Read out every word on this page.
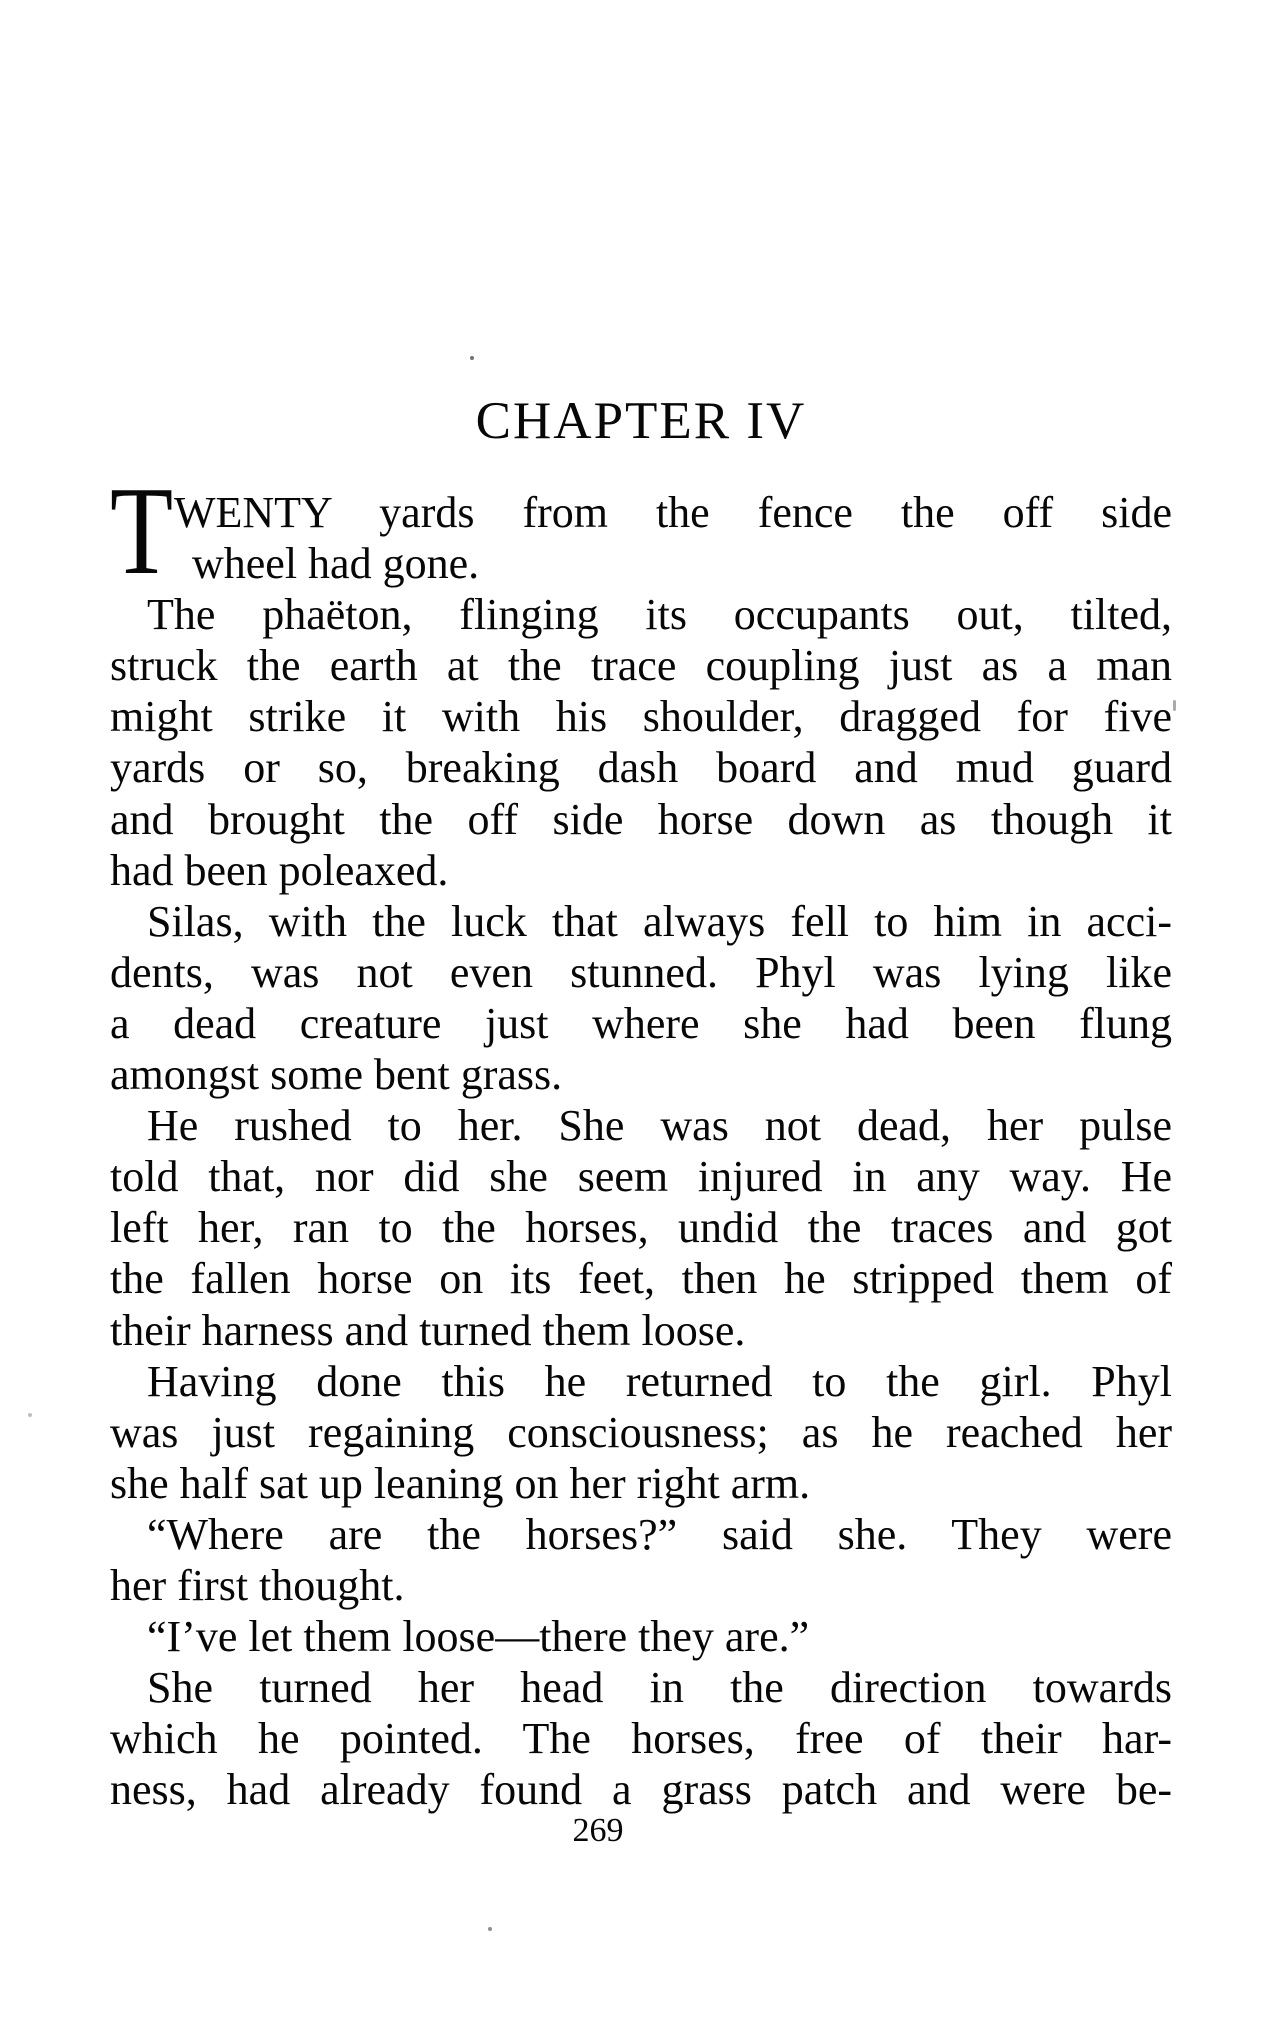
CHAPTER IV
T WENTY yards from the fence the off side
wheel had gone.
The phaëton, flinging its occupants out, tilted,
struck the earth at the trace coupling just as a man
might strike it with his shoulder, dragged for five
yards or so, breaking dash board and mud guard
and brought the off side horse down as though it
had been poleaxed.
Silas, with the luck that always fell to him in acci-
dents, was not even stunned. Phyl was lying like
a dead creature just where she had been flung
amongst some bent grass.
He rushed to her. She was not dead, her pulse
told that, nor did she seem injured in any way. He
left her, ran to the horses, undid the traces and got
the fallen horse on its feet, then he stripped them of
their harness and turned them loose.
Having done this he returned to the girl. Phyl
was just regaining consciousness; as he reached her
she half sat up leaning on her right arm.
“Where are the horses?” said she. They were
her first thought.
“I’ve let them loose—there they are.”
She turned her head in the direction towards
which he pointed. The horses, free of their har-
ness, had already found a grass patch and were be-
269
